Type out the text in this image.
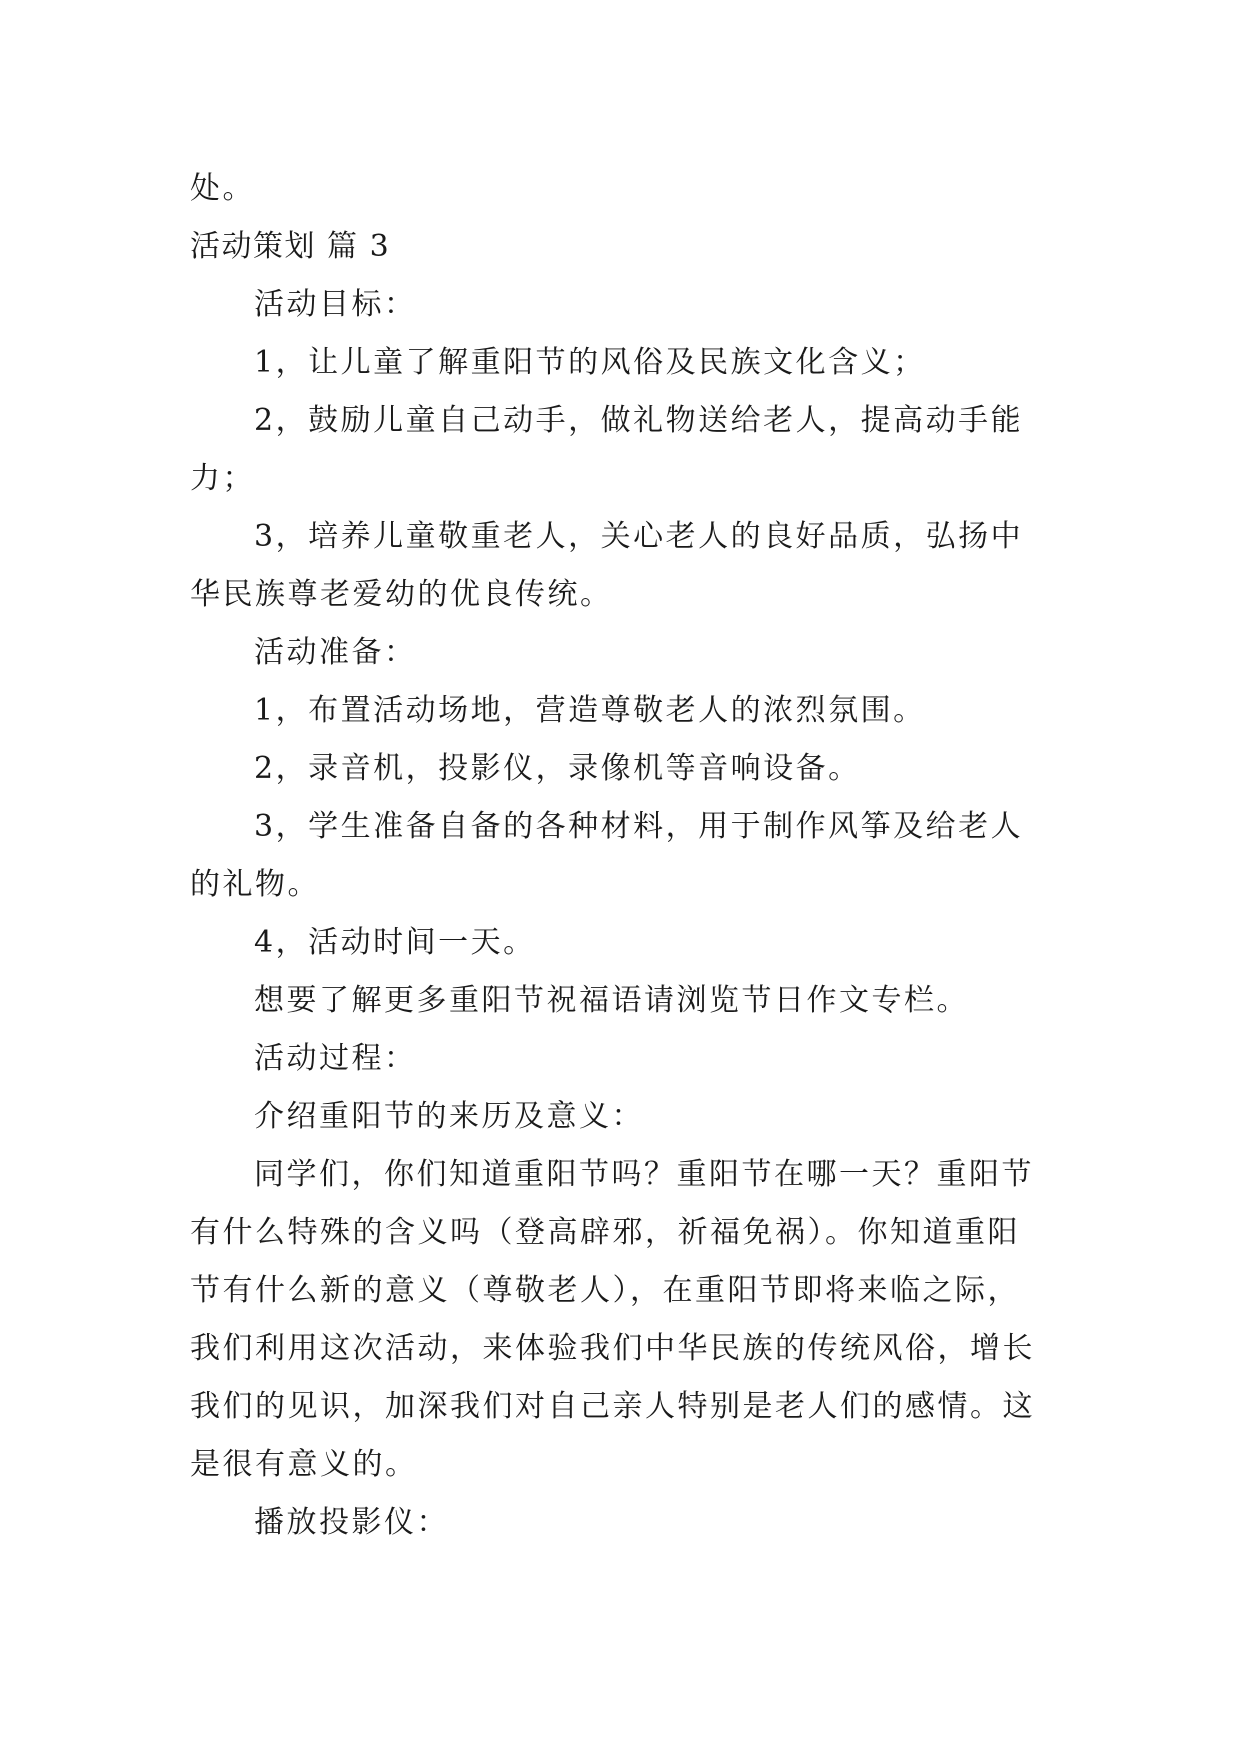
处。

活动策划 篇 3

活动目标：

1，让儿童了解重阳节的风俗及民族文化含义；

2，鼓励儿童自己动手，做礼物送给老人，提高动手能

力；

3，培养儿童敬重老人，关心老人的良好品质，弘扬中

华民族尊老爱幼的优良传统。

活动准备：

1，布置活动场地，营造尊敬老人的浓烈氛围。

2，录音机，投影仪，录像机等音响设备。

3，学生准备自备的各种材料，用于制作风筝及给老人

的礼物。

4，活动时间一天。

想要了解更多重阳节祝福语请浏览节日作文专栏。

活动过程：

介绍重阳节的来历及意义：

同学们，你们知道重阳节吗？重阳节在哪一天？重阳节

有什么特殊的含义吗（登高辟邪，祈福免祸）。你知道重阳

节有什么新的意义（尊敬老人），在重阳节即将来临之际，

我们利用这次活动，来体验我们中华民族的传统风俗，增长

我们的见识，加深我们对自己亲人特别是老人们的感情。这

是很有意义的。

播放投影仪：
